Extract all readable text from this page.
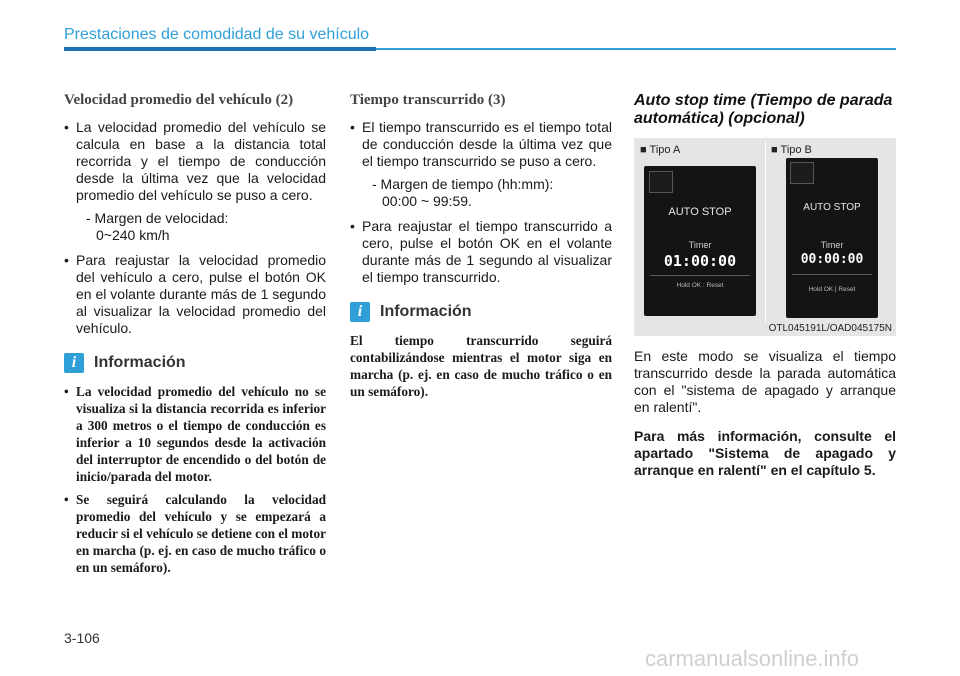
Prestaciones de comodidad de su vehículo
Velocidad promedio del vehículo (2)
• La velocidad promedio del vehículo se calcula en base a la distancia total recorrida y el tiempo de conducción desde la última vez que la velocidad promedio del vehículo se puso a cero.
- Margen de velocidad:
0~240 km/h
• Para reajustar la velocidad promedio del vehículo a cero, pulse el botón OK en el volante durante más de 1 segundo al visualizar la velocidad promedio del vehículo.
i	Información
• La velocidad promedio del vehículo no se visualiza si la distancia recorrida es inferior a 300 metros o el tiempo de conducción es inferior a 10 segundos desde la activación del interruptor de encendido o del botón de inicio/parada del motor.
• Se seguirá calculando la velocidad promedio del vehículo y se empezará a reducir si el vehículo se detiene con el motor en marcha (p. ej. en caso de mucho tráfico o en un semáforo).
Tiempo transcurrido (3)
• El tiempo transcurrido es el tiempo total de conducción desde la última vez que el tiempo transcurrido se puso a cero.
- Margen de tiempo (hh:mm):
00:00 ~ 99:59.
• Para reajustar el tiempo transcurrido a cero, pulse el botón OK en el volante durante más de 1 segundo al visualizar el tiempo transcurrido.
i	Información

El tiempo transcurrido seguirá contabilizándose mientras el motor siga en marcha (p. ej. en caso de mucho tráfico o en un semáforo).

Auto stop time (Tiempo de parada automática) (opcional)
■ Tipo A
■	Tipo B
AUTO STOP
Timer
01:00:00
Hold OK : Reset
AUTO STOP
Timer
00:00:00
Hold OK | Reset
OTL045191L/OAD045175N

En este modo se visualiza el tiempo transcurrido desde la parada automática con el "sistema de apagado y arranque en ralentí".

Para más información, consulte el apartado "Sistema de apagado y arranque en ralentí" en el capítulo 5.

3-106
carmanualsonline.info
